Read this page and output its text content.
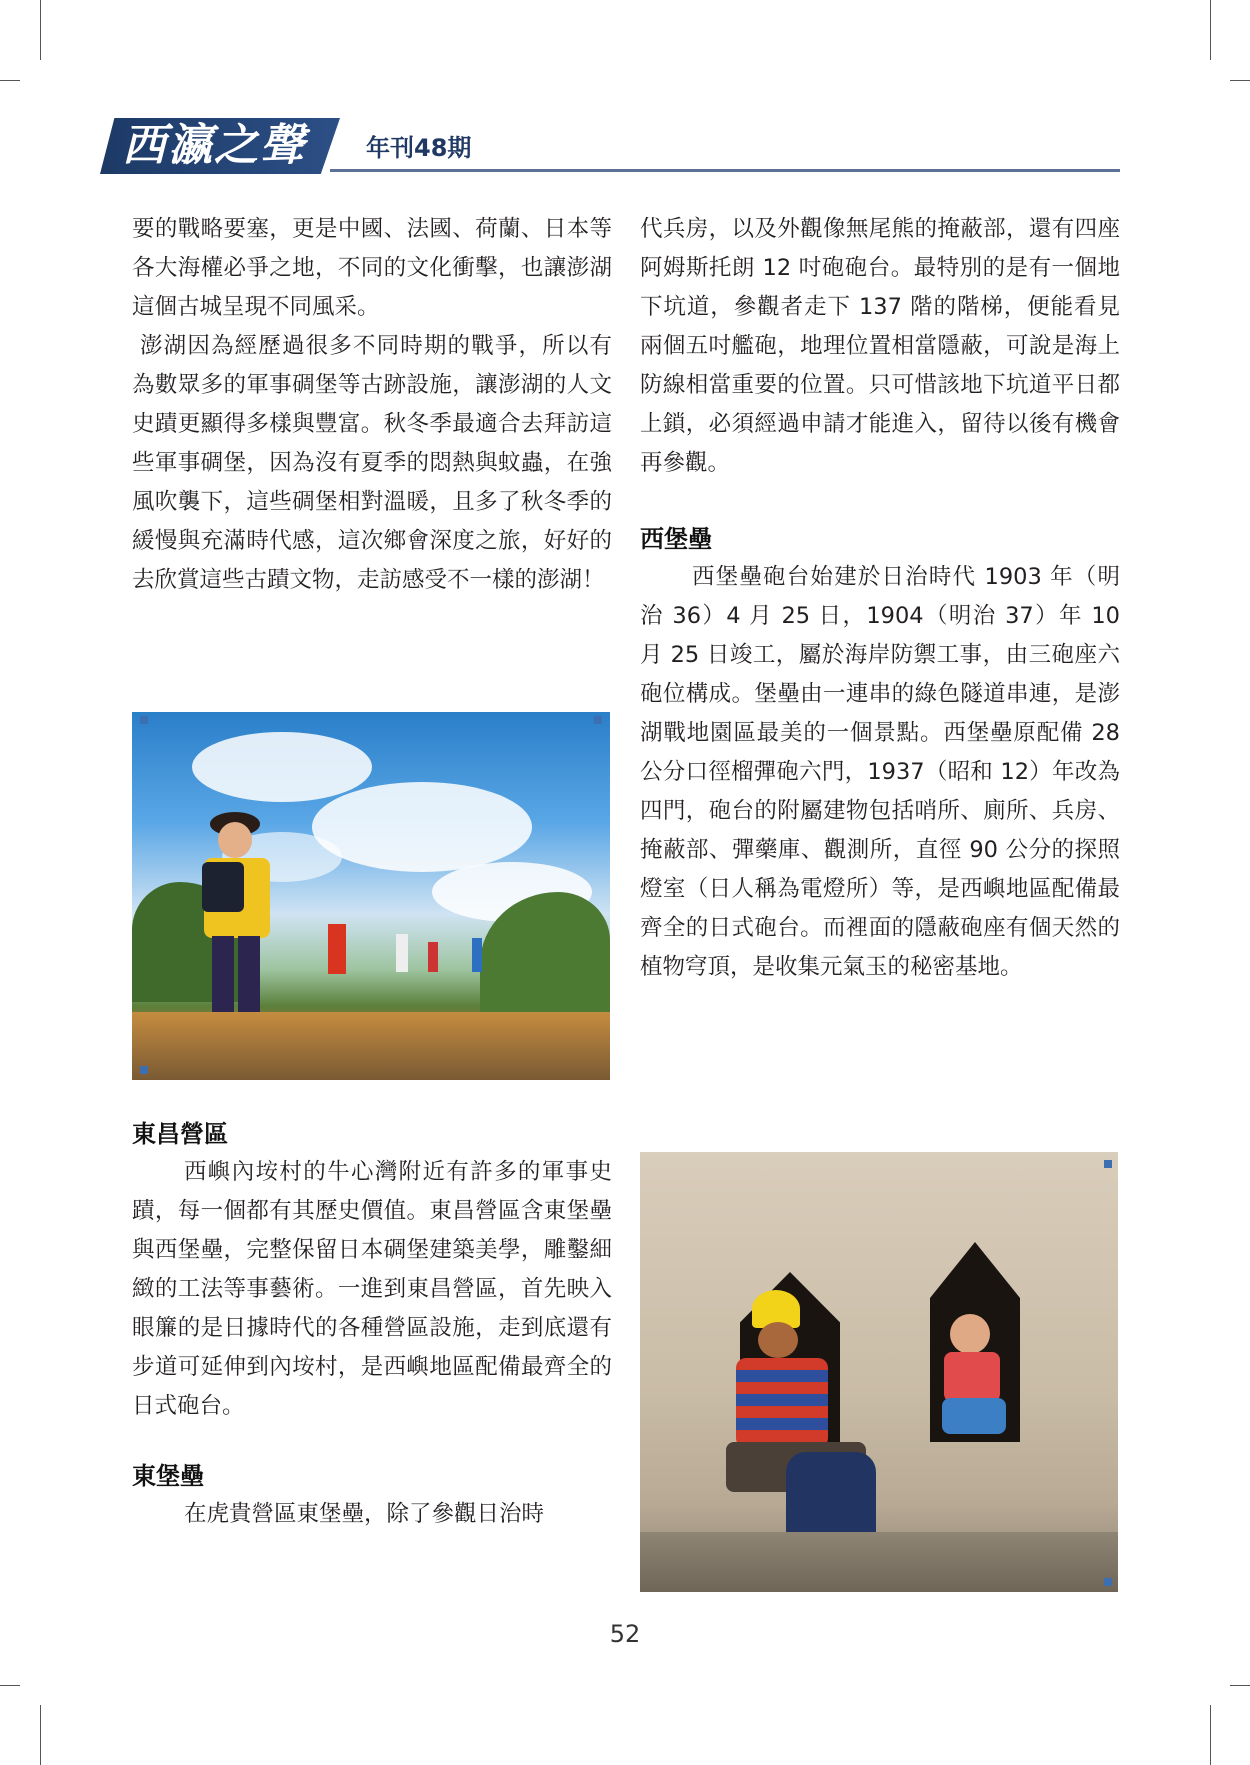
西瀛之聲	年刊48期

要的戰略要塞，更是中國、法國、荷蘭、日本等各大海權必爭之地，不同的文化衝擊，也讓澎湖這個古城呈現不同風采。

澎湖因為經歷過很多不同時期的戰爭，所以有為數眾多的軍事碉堡等古跡設施，讓澎湖的人文史蹟更顯得多樣與豐富。秋冬季最適合去拜訪這些軍事碉堡，因為沒有夏季的悶熱與蚊蟲，在強風吹襲下，這些碉堡相對溫暖，且多了秋冬季的緩慢與充滿時代感，這次鄉會深度之旅，好好的去欣賞這些古蹟文物，走訪感受不一樣的澎湖！

東昌營區

西嶼內垵村的牛心灣附近有許多的軍事史蹟，每一個都有其歷史價值。東昌營區含東堡壘與西堡壘，完整保留日本碉堡建築美學，雕鑿細緻的工法等事藝術。一進到東昌營區，首先映入眼簾的是日據時代的各種營區設施，走到底還有步道可延伸到內垵村，是西嶼地區配備最齊全的日式砲台。

東堡壘

在虎貴營區東堡壘，除了參觀日治時

代兵房，以及外觀像無尾熊的掩蔽部，還有四座阿姆斯托朗 12 吋砲砲台。最特別的是有一個地下坑道，參觀者走下 137 階的階梯，便能看見兩個五吋艦砲，地理位置相當隱蔽，可說是海上防線相當重要的位置。只可惜該地下坑道平日都上鎖，必須經過申請才能進入，留待以後有機會再參觀。

西堡壘

西堡壘砲台始建於日治時代 1903 年（明治 36）4 月 25 日，1904（明治 37）年 10 月 25 日竣工，屬於海岸防禦工事，由三砲座六砲位構成。堡壘由一連串的綠色隧道串連，是澎湖戰地園區最美的一個景點。西堡壘原配備 28 公分口徑榴彈砲六門，1937（昭和 12）年改為四門，砲台的附屬建物包括哨所、廁所、兵房、掩蔽部、彈藥庫、觀測所，直徑 90 公分的探照燈室（日人稱為電燈所）等，是西嶼地區配備最齊全的日式砲台。而裡面的隱蔽砲座有個天然的植物穹頂，是收集元氣玉的秘密基地。

52
